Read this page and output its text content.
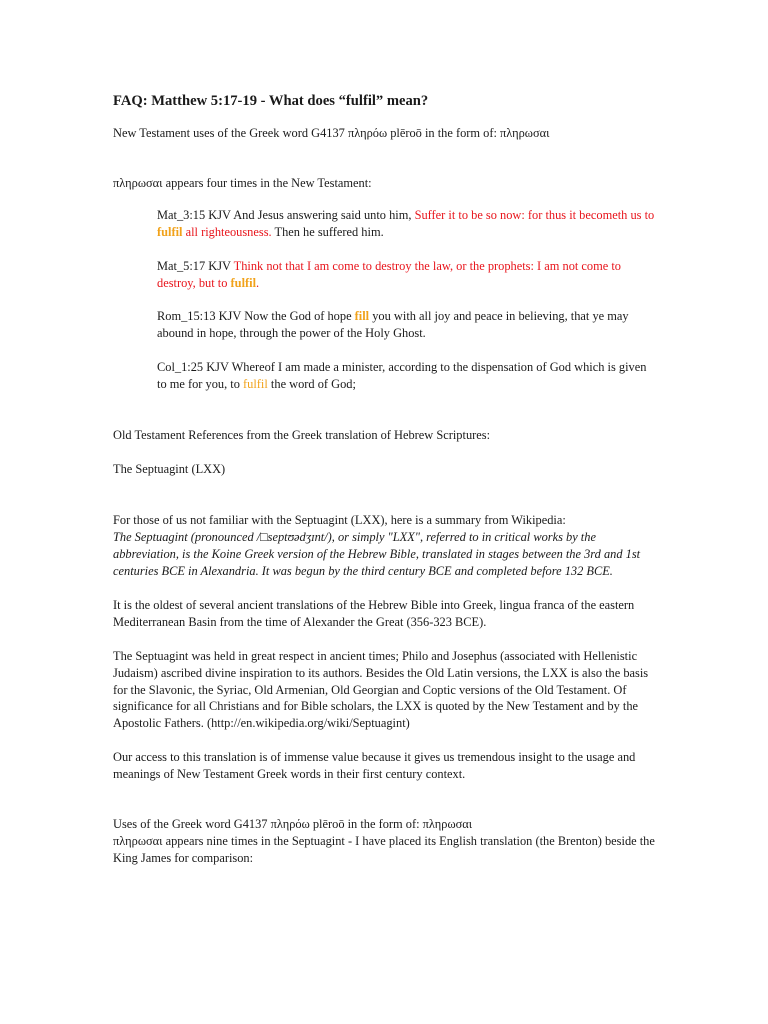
FAQ: Matthew 5:17-19 - What does “fulfil” mean?

New Testament uses of the Greek word G4137 πληρόω plēroō in the form of: πληρωσαι

πληρωσαι appears four times in the New Testament:

Mat_3:15 KJV And Jesus answering said unto him, Suffer it to be so now: for thus it becometh us to fulfil all righteousness. Then he suffered him.

Mat_5:17 KJV Think not that I am come to destroy the law, or the prophets: I am not come to destroy, but to fulfil.

Rom_15:13 KJV Now the God of hope fill you with all joy and peace in believing, that ye may abound in hope, through the power of the Holy Ghost.

Col_1:25 KJV Whereof I am made a minister, according to the dispensation of God which is given to me for you, to fulfil the word of God;

Old Testament References from the Greek translation of Hebrew Scriptures:

The Septuagint (LXX)

For those of us not familiar with the Septuagint (LXX), here is a summary from Wikipedia:

The Septuagint (pronounced /□septʊədʒɪnt/), or simply "LXX", referred to in critical works by the abbreviation, is the Koine Greek version of the Hebrew Bible, translated in stages between the 3rd and 1st centuries BCE in Alexandria. It was begun by the third century BCE and completed before 132 BCE.

It is the oldest of several ancient translations of the Hebrew Bible into Greek, lingua franca of the eastern Mediterranean Basin from the time of Alexander the Great (356-323 BCE).

The Septuagint was held in great respect in ancient times; Philo and Josephus (associated with Hellenistic Judaism) ascribed divine inspiration to its authors. Besides the Old Latin versions, the LXX is also the basis for the Slavonic, the Syriac, Old Armenian, Old Georgian and Coptic versions of the Old Testament. Of significance for all Christians and for Bible scholars, the LXX is quoted by the New Testament and by the Apostolic Fathers. (http://en.wikipedia.org/wiki/Septuagint)

Our access to this translation is of immense value because it gives us tremendous insight to the usage and meanings of New Testament Greek words in their first century context.

Uses of the Greek word G4137 πληρόω plēroō in the form of: πληρωσαι

πληρωσαι appears nine times in the Septuagint - I have placed its English translation (the Brenton) beside the King James for comparison:
